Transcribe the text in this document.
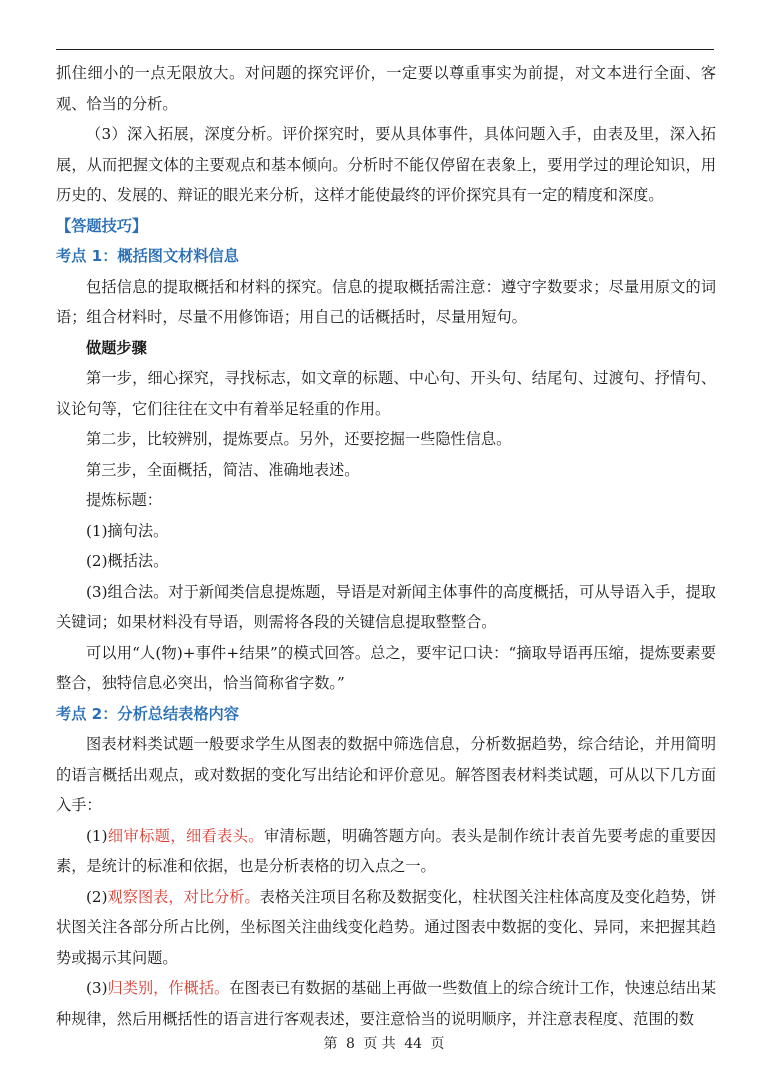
抓住细小的一点无限放大。对问题的探究评价，一定要以尊重事实为前提，对文本进行全面、客观、恰当的分析。

（3）深入拓展，深度分析。评价探究时，要从具体事件，具体问题入手，由表及里，深入拓展，从而把握文体的主要观点和基本倾向。分析时不能仅停留在表象上，要用学过的理论知识，用历史的、发展的、辩证的眼光来分析，这样才能使最终的评价探究具有一定的精度和深度。

【答题技巧】

考点 1：概括图文材料信息

包括信息的提取概括和材料的探究。信息的提取概括需注意：遵守字数要求；尽量用原文的词语；组合材料时，尽量不用修饰语；用自己的话概括时，尽量用短句。

做题步骤

第一步，细心探究，寻找标志，如文章的标题、中心句、开头句、结尾句、过渡句、抒情句、议论句等，它们往往在文中有着举足轻重的作用。

第二步，比较辨别，提炼要点。另外，还要挖掘一些隐性信息。

第三步，全面概括，简洁、准确地表述。

提炼标题：

(1)摘句法。

(2)概括法。

(3)组合法。对于新闻类信息提炼题，导语是对新闻主体事件的高度概括，可从导语入手，提取关键词；如果材料没有导语，则需将各段的关键信息提取整整合。

可以用“人(物)+事件+结果”的模式回答。总之，要牢记口诀：“摘取导语再压缩，提炼要素要整合，独特信息必突出，恰当简称省字数。”

考点 2：分析总结表格内容

图表材料类试题一般要求学生从图表的数据中筛选信息，分析数据趋势，综合结论，并用简明的语言概括出观点，或对数据的变化写出结论和评价意见。解答图表材料类试题，可从以下几方面入手：

(1)细审标题，细看表头。审清标题，明确答题方向。表头是制作统计表首先要考虑的重要因素，是统计的标准和依据，也是分析表格的切入点之一。

(2)观察图表，对比分析。表格关注项目名称及数据变化，柱状图关注柱体高度及变化趋势，饼状图关注各部分所占比例，坐标图关注曲线变化趋势。通过图表中数据的变化、异同，来把握其趋势或揭示其问题。

(3)归类别，作概括。在图表已有数据的基础上再做一些数值上的综合统计工作，快速总结出某种规律，然后用概括性的语言进行客观表述，要注意恰当的说明顺序，并注意表程度、范围的数

第 8 页 共 44 页
